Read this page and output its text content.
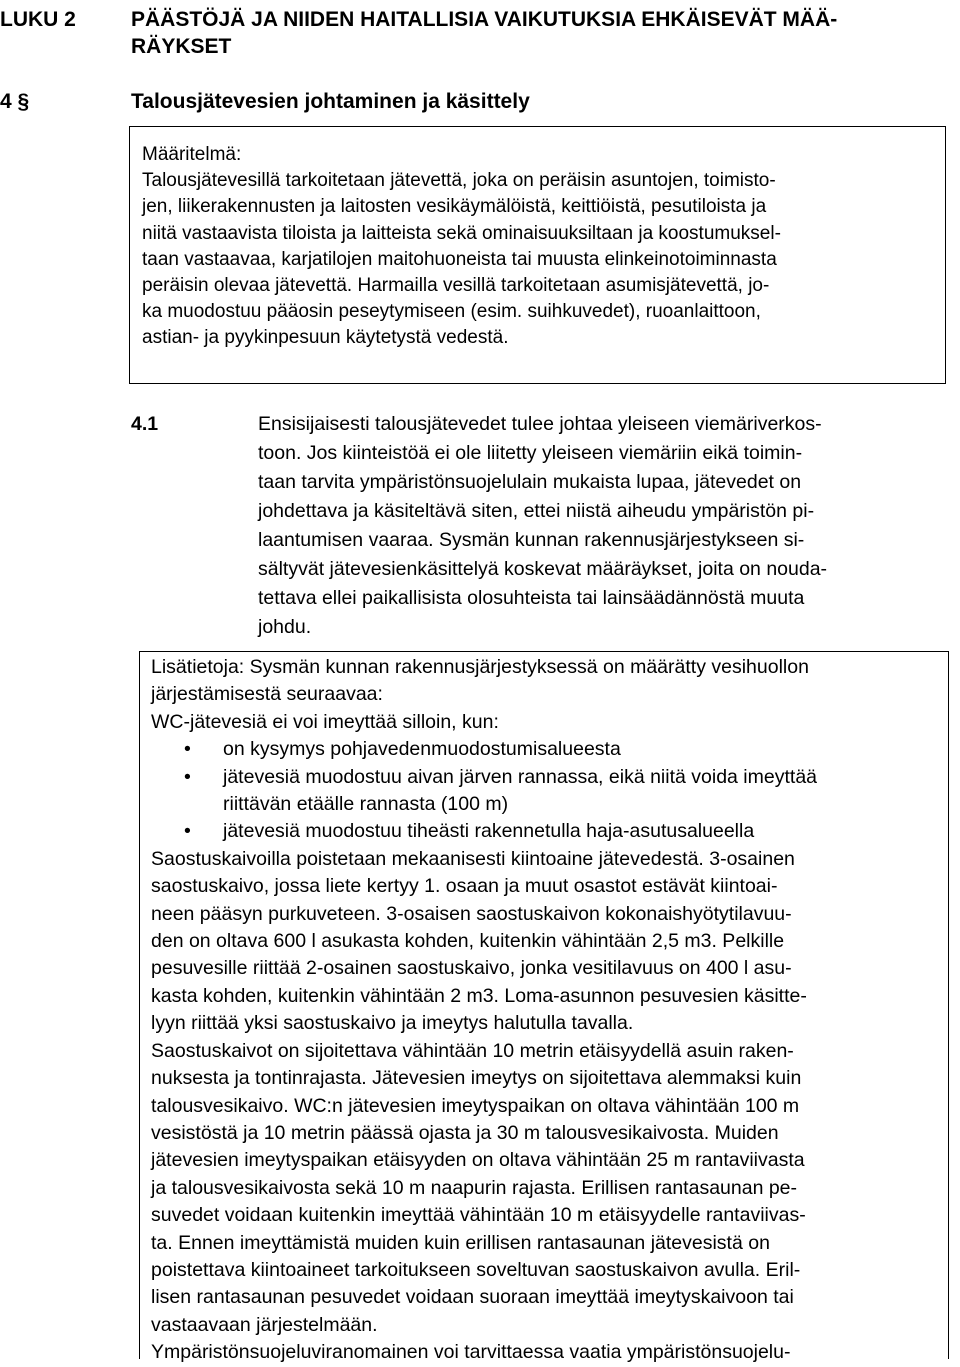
LUKU 2	PÄÄSTÖJÄ JA NIIDEN HAITALLISIA VAIKUTUKSIA EHKÄISEVÄT MÄÄ-
RÄYKSET
4 §	Talousjätevesien johtaminen ja käsittely

Määritelmä:

Talousjätevesillä tarkoitetaan jätevettä, joka on peräisin asuntojen, toimisto-

jen, liikerakennusten ja laitosten vesikäymälöistä, keittiöistä, pesutiloista ja

niitä vastaavista tiloista ja laitteista sekä ominaisuuksiltaan ja koostumuksel-

taan vastaavaa, karjatilojen maitohuoneista tai muusta elinkeinotoiminnasta

peräisin olevaa jätevettä. Harmailla vesillä tarkoitetaan asumisjätevettä, jo-

ka muodostuu pääosin peseytymiseen (esim. suihkuvedet), ruoanlaittoon,

astian- ja pyykinpesuun käytetystä vedestä.

4.1	Ensisijaisesti talousjätevedet tulee johtaa yleiseen viemäriverkos-
toon. Jos kiinteistöä ei ole liitetty yleiseen viemäriin eikä toimin-
taan tarvita ympäristönsuojelulain mukaista lupaa, jätevedet on
johdettava ja käsiteltävä siten, ettei niistä aiheudu ympäristön pi-
laantumisen vaaraa. Sysmän kunnan rakennusjärjestykseen si-
sältyvät jätevesienkäsittelyä koskevat määräykset, joita on nouda-
tettava ellei paikallisista olosuhteista tai lainsäädännöstä muuta
johdu.

Lisätietoja: Sysmän kunnan rakennusjärjestyksessä on määrätty vesihuollon

järjestämisestä seuraavaa:

WC-jätevesiä ei voi imeyttää silloin, kun:

• on kysymys pohjavedenmuodostumisalueesta
• jätevesiä muodostuu aivan järven rannassa, eikä niitä voida imeyttää
riittävän etäälle rannasta (100 m)
• jätevesiä muodostuu tiheästi rakennetulla haja-asutusalueella

Saostuskaivoilla poistetaan mekaanisesti kiintoaine jätevedestä. 3-osainen

saostuskaivo, jossa liete kertyy 1. osaan ja muut osastot estävät kiintoai-

neen pääsyn purkuveteen. 3-osaisen saostuskaivon kokonaishyötytilavuu-

den on oltava 600 l asukasta kohden, kuitenkin vähintään 2,5 m3. Pelkille

pesuvesille riittää 2-osainen saostuskaivo, jonka vesitilavuus on 400 l asu-

kasta kohden, kuitenkin vähintään 2 m3. Loma-asunnon pesuvesien käsitte-

lyyn riittää yksi saostuskaivo ja imeytys halutulla tavalla.

Saostuskaivot on sijoitettava vähintään 10 metrin etäisyydellä asuin raken-

nuksesta ja tontinrajasta. Jätevesien imeytys on sijoitettava alemmaksi kuin

talousvesikaivo. WC:n jätevesien imeytyspaikan on oltava vähintään 100 m

vesistöstä ja 10 metrin päässä ojasta ja 30 m talousvesikaivosta. Muiden

jätevesien imeytyspaikan etäisyyden on oltava vähintään 25 m rantaviivasta

ja talousvesikaivosta sekä 10 m naapurin rajasta. Erillisen rantasaunan pe-

suvedet voidaan kuitenkin imeyttää vähintään 10 m etäisyydelle rantaviivas-

ta. Ennen imeyttämistä muiden kuin erillisen rantasaunan jätevesistä on

poistettava kiintoaineet tarkoitukseen soveltuvan saostuskaivon avulla. Eril-

lisen rantasaunan pesuvedet voidaan suoraan imeyttää imeytyskaivoon tai

vastaavaan järjestelmään.

Ympäristönsuojeluviranomainen voi tarvittaessa vaatia ympäristönsuojelu-
